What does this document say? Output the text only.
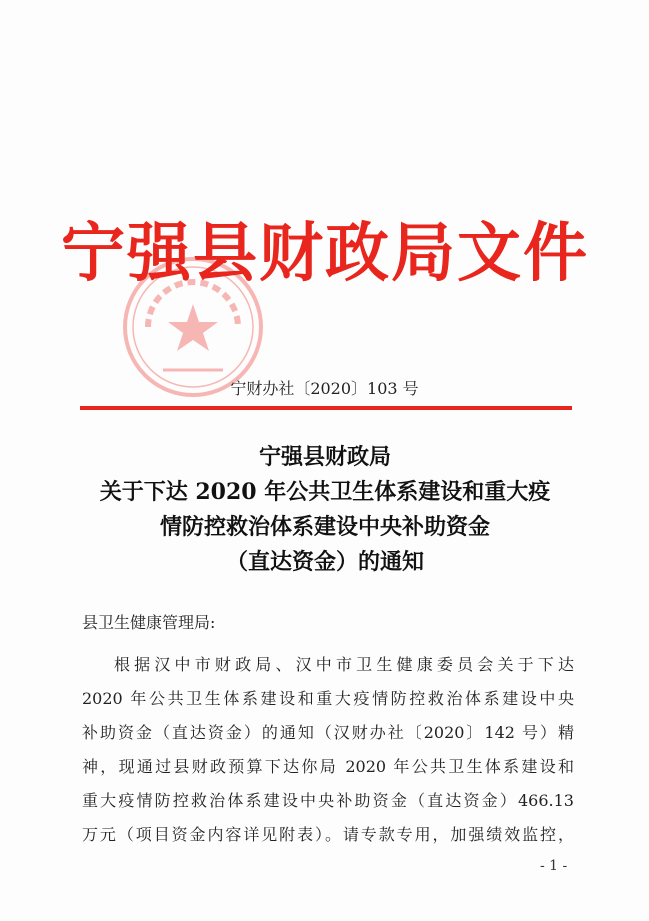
宁强县财政局文件
宁财办社〔2020〕103 号
宁强县财政局
关于下达 2020 年公共卫生体系建设和重大疫
情防控救治体系建设中央补助资金
（直达资金）的通知
县卫生健康管理局:
根据汉中市财政局、汉中市卫生健康委员会关于下达
2020 年公共卫生体系建设和重大疫情防控救治体系建设中央
补助资金（直达资金）的通知（汉财办社〔2020〕142 号）精
神，现通过县财政预算下达你局 2020 年公共卫生体系建设和
重大疫情防控救治体系建设中央补助资金（直达资金）466.13
万元（项目资金内容详见附表）。请专款专用，加强绩效监控，
- 1 -
